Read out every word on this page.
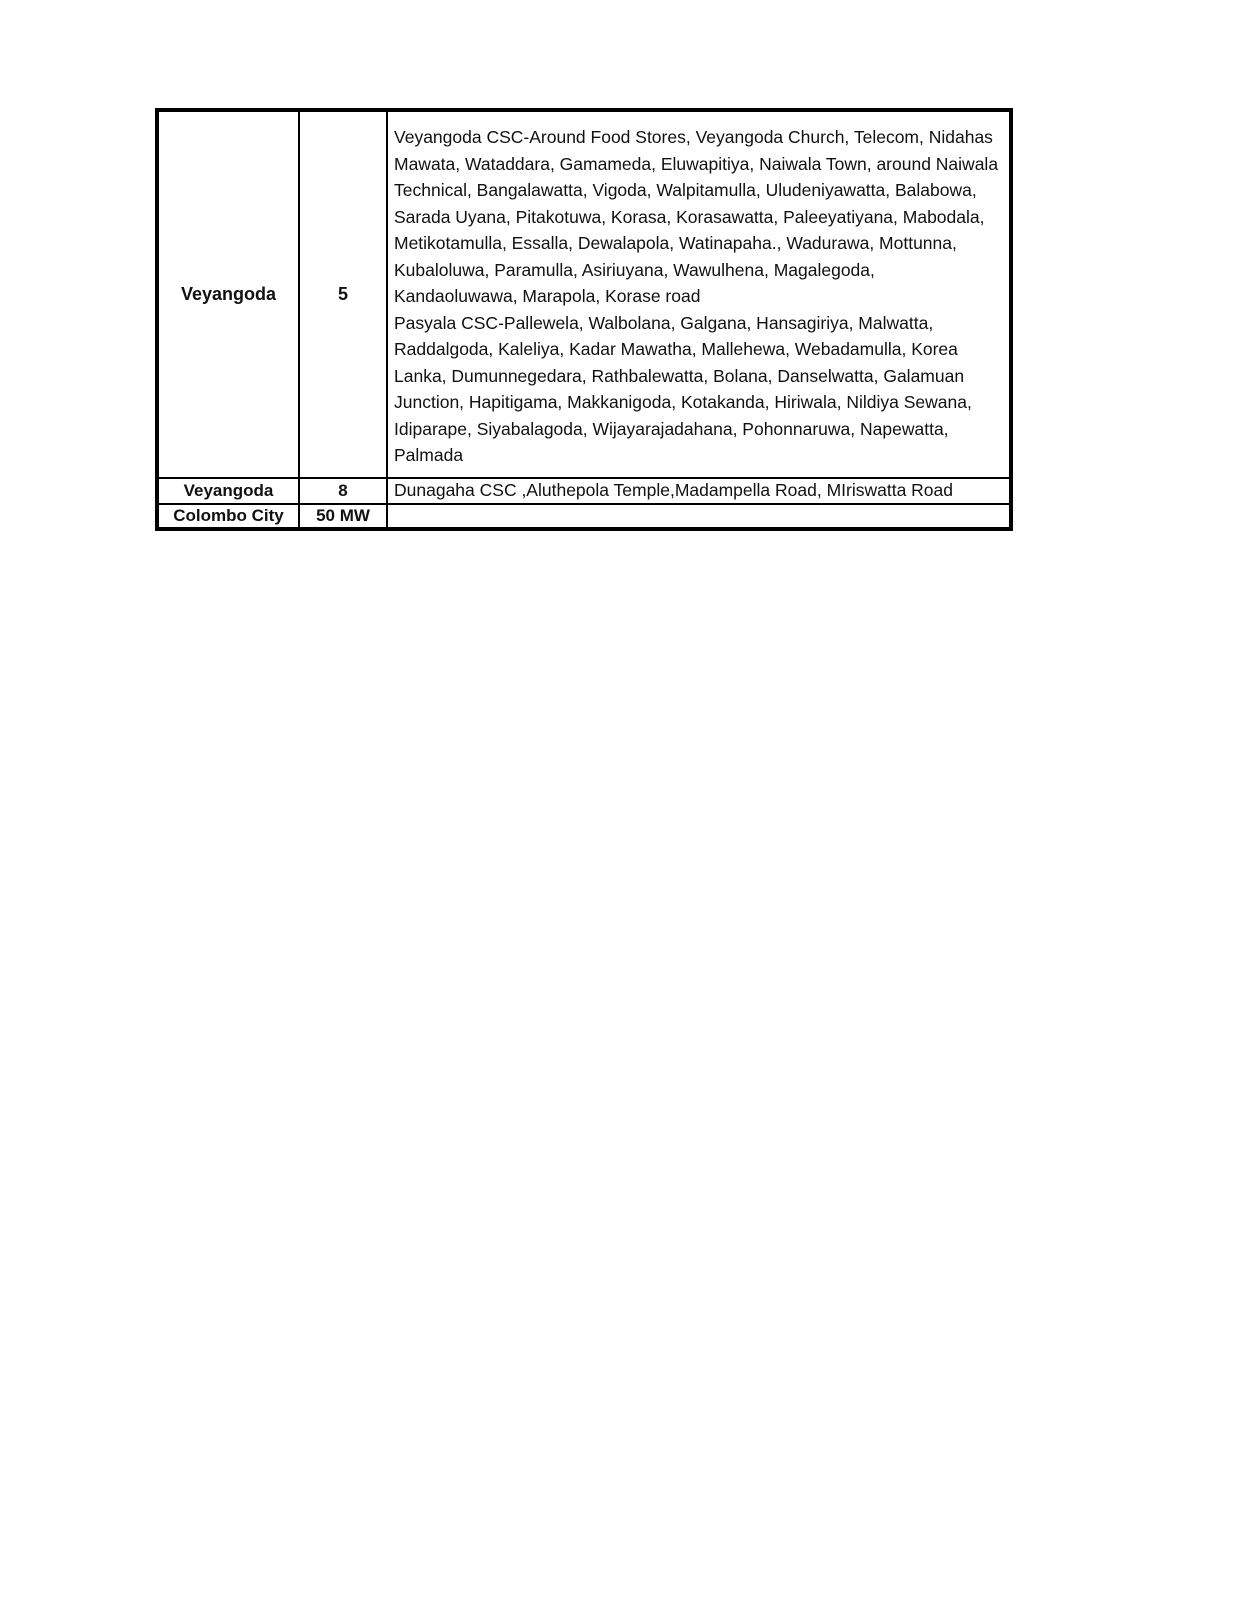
Veyangoda	5	Veyangoda CSC-Around Food Stores, Veyangoda Church, Telecom, Nidahas Mawata, Wataddara, Gamameda, Eluwapitiya, Naiwala Town, around Naiwala Technical, Bangalawatta, Vigoda, Walpitamulla, Uludeniyawatta, Balabowa, Sarada Uyana, Pitakotuwa, Korasa, Korasawatta, Paleeyatiyana, Mabodala, Metikotamulla, Essalla, Dewalapola, Watinapaha., Wadurawa, Mottunna, Kubaloluwa, Paramulla, Asiriuyana, Wawulhena, Magalegoda, Kandaoluwawa, Marapola, Korase road
Pasyala CSC-Pallewela, Walbolana, Galgana, Hansagiriya, Malwatta, Raddalgoda, Kaleliya, Kadar Mawatha, Mallehewa, Webadamulla, Korea Lanka, Dumunnegedara, Rathbalewatta, Bolana, Danselwatta, Galamuan Junction, Hapitigama, Makkanigoda, Kotakanda, Hiriwala, Nildiya Sewana, Idiparape, Siyabalagoda, Wijayarajadahana, Pohonnaruwa, Napewatta, Palmada

Veyangoda	8	Dunagaha CSC ,Aluthepola Temple,Madampella Road, MIriswatta Road

Colombo City	50 MW	
